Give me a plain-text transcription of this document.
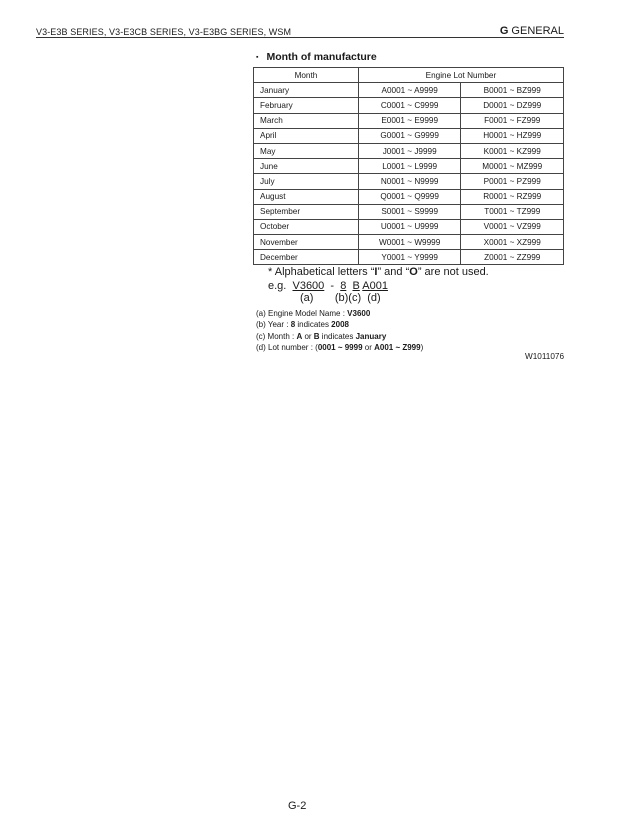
V3-E3B SERIES, V3-E3CB SERIES, V3-E3BG SERIES, WSM	G GENERAL
▪ Month of manufacture
Month	Engine Lot Number	
January	A0001 ~ A9999	B0001 ~ BZ999
February	C0001 ~ C9999	D0001 ~ DZ999
March	E0001 ~ E9999	F0001 ~ FZ999
April	G0001 ~ G9999	H0001 ~ HZ999
May	J0001 ~ J9999	K0001 ~ KZ999
June	L0001 ~ L9999	M0001 ~ MZ999
July	N0001 ~ N9999	P0001 ~ PZ999
August	Q0001 ~ Q9999	R0001 ~ RZ999
September	S0001 ~ S9999	T0001 ~ TZ999
October	U0001 ~ U9999	V0001 ~ VZ999
November	W0001 ~ W9999	X0001 ~ XZ999
December	Y0001 ~ Y9999	Z0001 ~ ZZ999
* Alphabetical letters “I” and “O” are not used.
e.g. V3600 - 8 B A001
(a) (b)(c)  (d)
(a) Engine Model Name : V3600
(b) Year : 8 indicates 2008
(c) Month : A or B indicates January
(d) Lot number : (0001 ~ 9999 or A001 ~ Z999)
W1011076
G-2
